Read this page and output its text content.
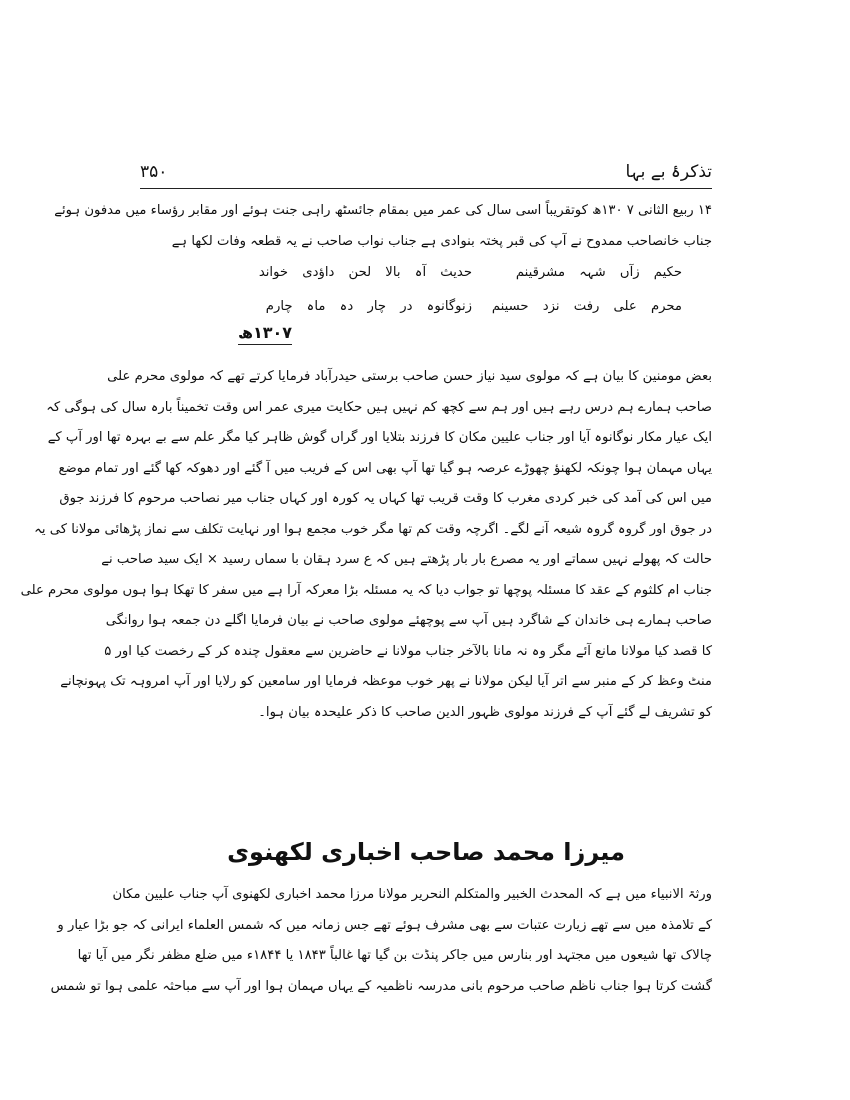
تذکرۂ بے بہا
۳۵۰
۱۴ ربیع الثانی ۷ ۱۳۰ھ کوتقریباً اسی سال کی عمر میں بمقام جائسٹھ راہی جنت ہوئے اور مقابر رؤساء میں مدفون ہوئے
جناب خانصاحب ممدوح نے آپ کی قبر پختہ بنوادی ہے جناب نواب صاحب نے یہ قطعہ وفات لکھا ہے
حدیث آہ بالا لحن داؤدی خواند	حکیم زآں شہہ مشرقینم
زنوگانوہ در چار دہ ماہ چارم محرم علی رفت نزد حسینم
۱۳۰۷ھ
بعض مومنین کا بیان ہے کہ مولوی سید نیاز حسن صاحب برستی حیدرآباد فرمایا کرتے تھے کہ مولوی محرم علی
صاحب ہمارے ہم درس رہے ہیں اور ہم سے کچھ کم نہیں ہیں حکایت میری عمر اس وقت تخمیناً بارہ سال کی ہوگی کہ
ایک عیار مکار نوگانوہ آیا اور جناب علیین مکان کا فرزند بتلایا اور گراں گوش ظاہر کیا مگر علم سے بے بہرہ تھا اور آپ کے
یہاں مہمان ہوا چونکہ لکھنؤ چھوڑے عرصہ ہو گیا تھا آپ بھی اس کے فریب میں آ گئے اور دھوکہ کھا گئے اور تمام موضع
میں اس کی آمد کی خبر کردی مغرب کا وقت قریب تھا کہاں یہ کورہ اور کہاں جناب میر نصاحب مرحوم کا فرزند جوق
در جوق اور گروہ گروہ شیعہ آنے لگے۔ اگرچہ وقت کم تھا مگر خوب مجمع ہوا اور نہایت تکلف سے نماز پڑھائی مولانا کی یہ
حالت کہ پھولے نہیں سماتے اور یہ مصرع بار بار پڑھتے ہیں کہ ع سرد ہقان با سماں رسید × ایک سید صاحب نے
جناب ام کلثوم کے عقد کا مسئلہ پوچھا تو جواب دیا کہ یہ مسئلہ بڑا معرکہ آرا ہے میں سفر کا تھکا ہوا ہوں مولوی محرم علی
صاحب ہمارے ہی خاندان کے شاگرد ہیں آپ سے پوچھئے مولوی صاحب نے بیان فرمایا اگلے دن جمعہ ہوا روانگی
کا قصد کیا مولانا مانع آئے مگر وہ نہ مانا بالآخر جناب مولانا نے حاضرین سے معقول چندہ کر کے رخصت کیا اور ۵
منٹ وعظ کر کے منبر سے اتر آیا لیکن مولانا نے پھر خوب موعظہ فرمایا اور سامعین کو رلایا اور آپ امروہہ تک پہونچانے
کو تشریف لے گئے آپ کے فرزند مولوی ظہور الدین صاحب کا ذکر علیحدہ بیان ہوا۔
میرزا محمد صاحب اخباری لکھنوی
ورثۃ الانبیاء میں ہے کہ المحدث الخبیر والمتکلم النحریر مولانا مرزا محمد اخباری لکھنوی آپ جناب علیین مکان
کے تلامذہ میں سے تھے زیارت عتبات سے بھی مشرف ہوئے تھے جس زمانہ میں کہ شمس العلماء ایرانی کہ جو بڑا عیار و
چالاک تھا شیعوں میں مجتہد اور بنارس میں جاکر پنڈت بن گیا تھا غالباً ۱۸۴۳ یا ۱۸۴۴ء میں ضلع مظفر نگر میں آیا تھا
گشت کرتا ہوا جناب ناظم صاحب مرحوم بانی مدرسہ ناظمیہ کے یہاں مہمان ہوا اور آپ سے مباحثہ علمی ہوا تو شمس
